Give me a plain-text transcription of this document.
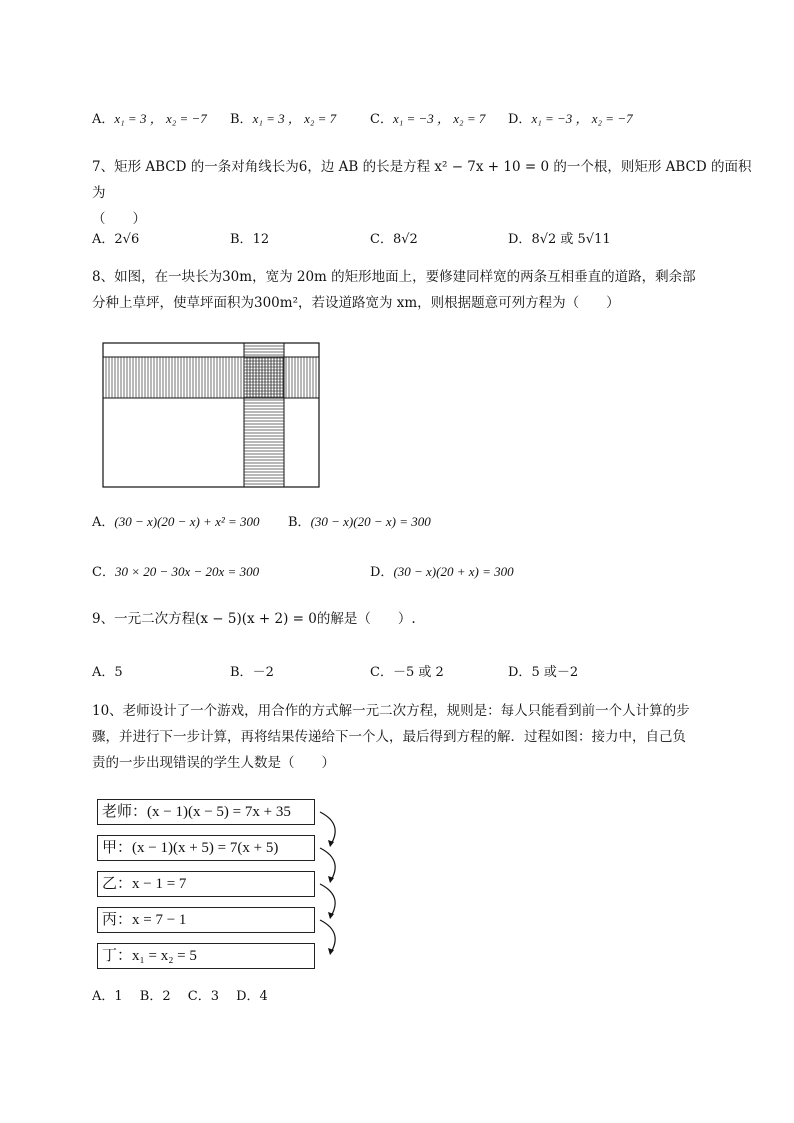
A．x₁ = 3 ， x₂ = −7 B．x₁ = 3 ， x₂ = 7	C．x₁ = −3 ， x₂ = 7 D．x₁ = −3 ， x₂ = −7
7、矩形 ABCD 的一条对角线长为6，边 AB 的长是方程 x² − 7x + 10 = 0 的一个根，则矩形 ABCD 的面积为
（　　）
A．2√6	B．12	C．8√2	D．8√2 或 5√11
8、如图，在一块长为30m，宽为 20m 的矩形地面上，要修建同样宽的两条互相垂直的道路，剩余部
分种上草坪，使草坪面积为300m²，若设道路宽为 xm，则根据题意可列方程为（　　）
A．(30 − x)(20 − x) + x² = 300 B．(30 − x)(20 − x) = 300
C．30 × 20 − 30x − 20x = 300	D．(30 − x)(20 + x) = 300
9、一元二次方程(x − 5)(x + 2) = 0的解是（　　）.
A．5	B．－2	C．－5 或 2	D．5 或－2
10、老师设计了一个游戏，用合作的方式解一元二次方程，规则是：每人只能看到前一个人计算的步
骤，并进行下一步计算，再将结果传递给下一个人，最后得到方程的解．过程如图：接力中，自己负
责的一步出现错误的学生人数是（　　）
老师：(x − 1)(x − 5) = 7x + 35
甲：(x − 1)(x + 5) = 7(x + 5)
乙：x − 1 = 7
丙：x = 7 − 1
丁：x₁ = x₂ = 5
A．1　 B．2　 C．3　 D．4
